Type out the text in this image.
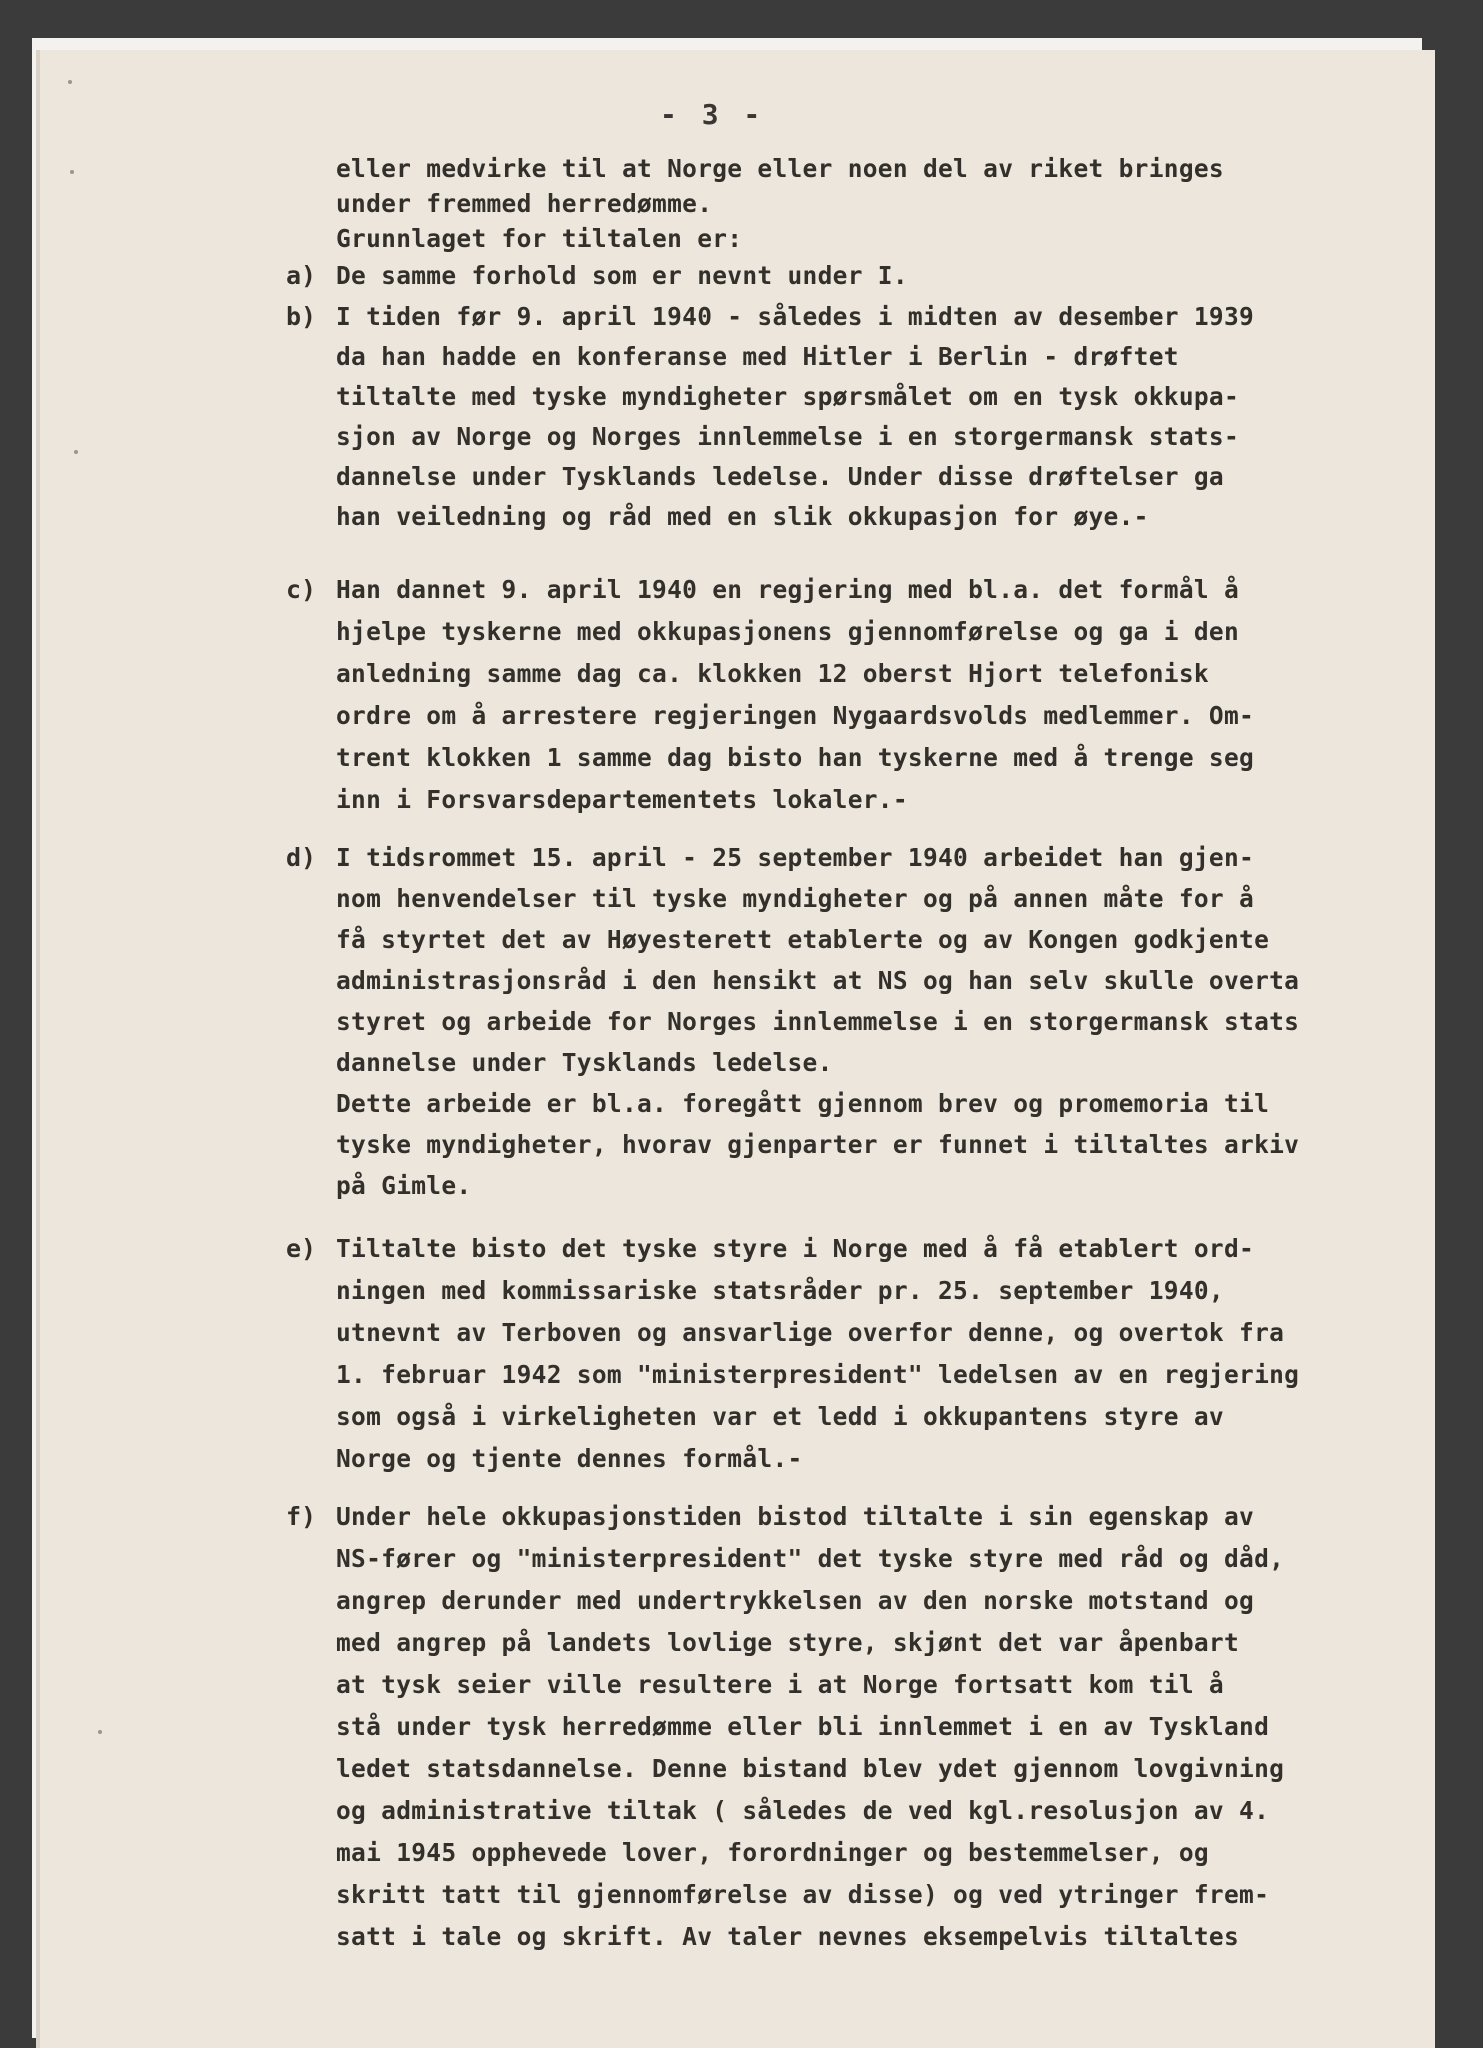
- 3 -
eller medvirke til at Norge eller noen del av riket bringes
under fremmed herredømme.
Grunnlaget for tiltalen er:
a) De samme forhold som er nevnt under I.
b) I tiden før 9. april 1940 - således i midten av desember 1939
da han hadde en konferanse med Hitler i Berlin - drøftet
tiltalte med tyske myndigheter spørsmålet om en tysk okkupa-
sjon av Norge og Norges innlemmelse i en storgermansk stats-
dannelse under Tysklands ledelse. Under disse drøftelser ga
han veiledning og råd med en slik okkupasjon for øye.-
c) Han dannet 9. april 1940 en regjering med bl.a. det formål å
hjelpe tyskerne med okkupasjonens gjennomførelse og ga i den
anledning samme dag ca. klokken 12 oberst Hjort telefonisk
ordre om å arrestere regjeringen Nygaardsvolds medlemmer. Om-
trent klokken 1 samme dag bisto han tyskerne med å trenge seg
inn i Forsvarsdepartementets lokaler.-
d) I tidsrommet 15. april - 25 september 1940 arbeidet han gjen-
nom henvendelser til tyske myndigheter og på annen måte for å
få styrtet det av Høyesterett etablerte og av Kongen godkjente
administrasjonsråd i den hensikt at NS og han selv skulle overta
styret og arbeide for Norges innlemmelse i en storgermansk stats
dannelse under Tysklands ledelse.
Dette arbeide er bl.a. foregått gjennom brev og promemoria til
tyske myndigheter, hvorav gjenparter er funnet i tiltaltes arkiv
på Gimle.
e) Tiltalte bisto det tyske styre i Norge med å få etablert ord-
ningen med kommissariske statsråder pr. 25. september 1940,
utnevnt av Terboven og ansvarlige overfor denne, og overtok fra
1. februar 1942 som "ministerpresident" ledelsen av en regjering
som også i virkeligheten var et ledd i okkupantens styre av
Norge og tjente dennes formål.-
f) Under hele okkupasjonstiden bistod tiltalte i sin egenskap av
NS-fører og "ministerpresident" det tyske styre med råd og dåd,
angrep derunder med undertrykkelsen av den norske motstand og
med angrep på landets lovlige styre, skjønt det var åpenbart
at tysk seier ville resultere i at Norge fortsatt kom til å
stå under tysk herredømme eller bli innlemmet i en av Tyskland
ledet statsdannelse. Denne bistand blev ydet gjennom lovgivning
og administrative tiltak ( således de ved kgl.resolusjon av 4.
mai 1945 opphevede lover, forordninger og bestemmelser, og
skritt tatt til gjennomførelse av disse) og ved ytringer frem-
satt i tale og skrift. Av taler nevnes eksempelvis tiltaltes
